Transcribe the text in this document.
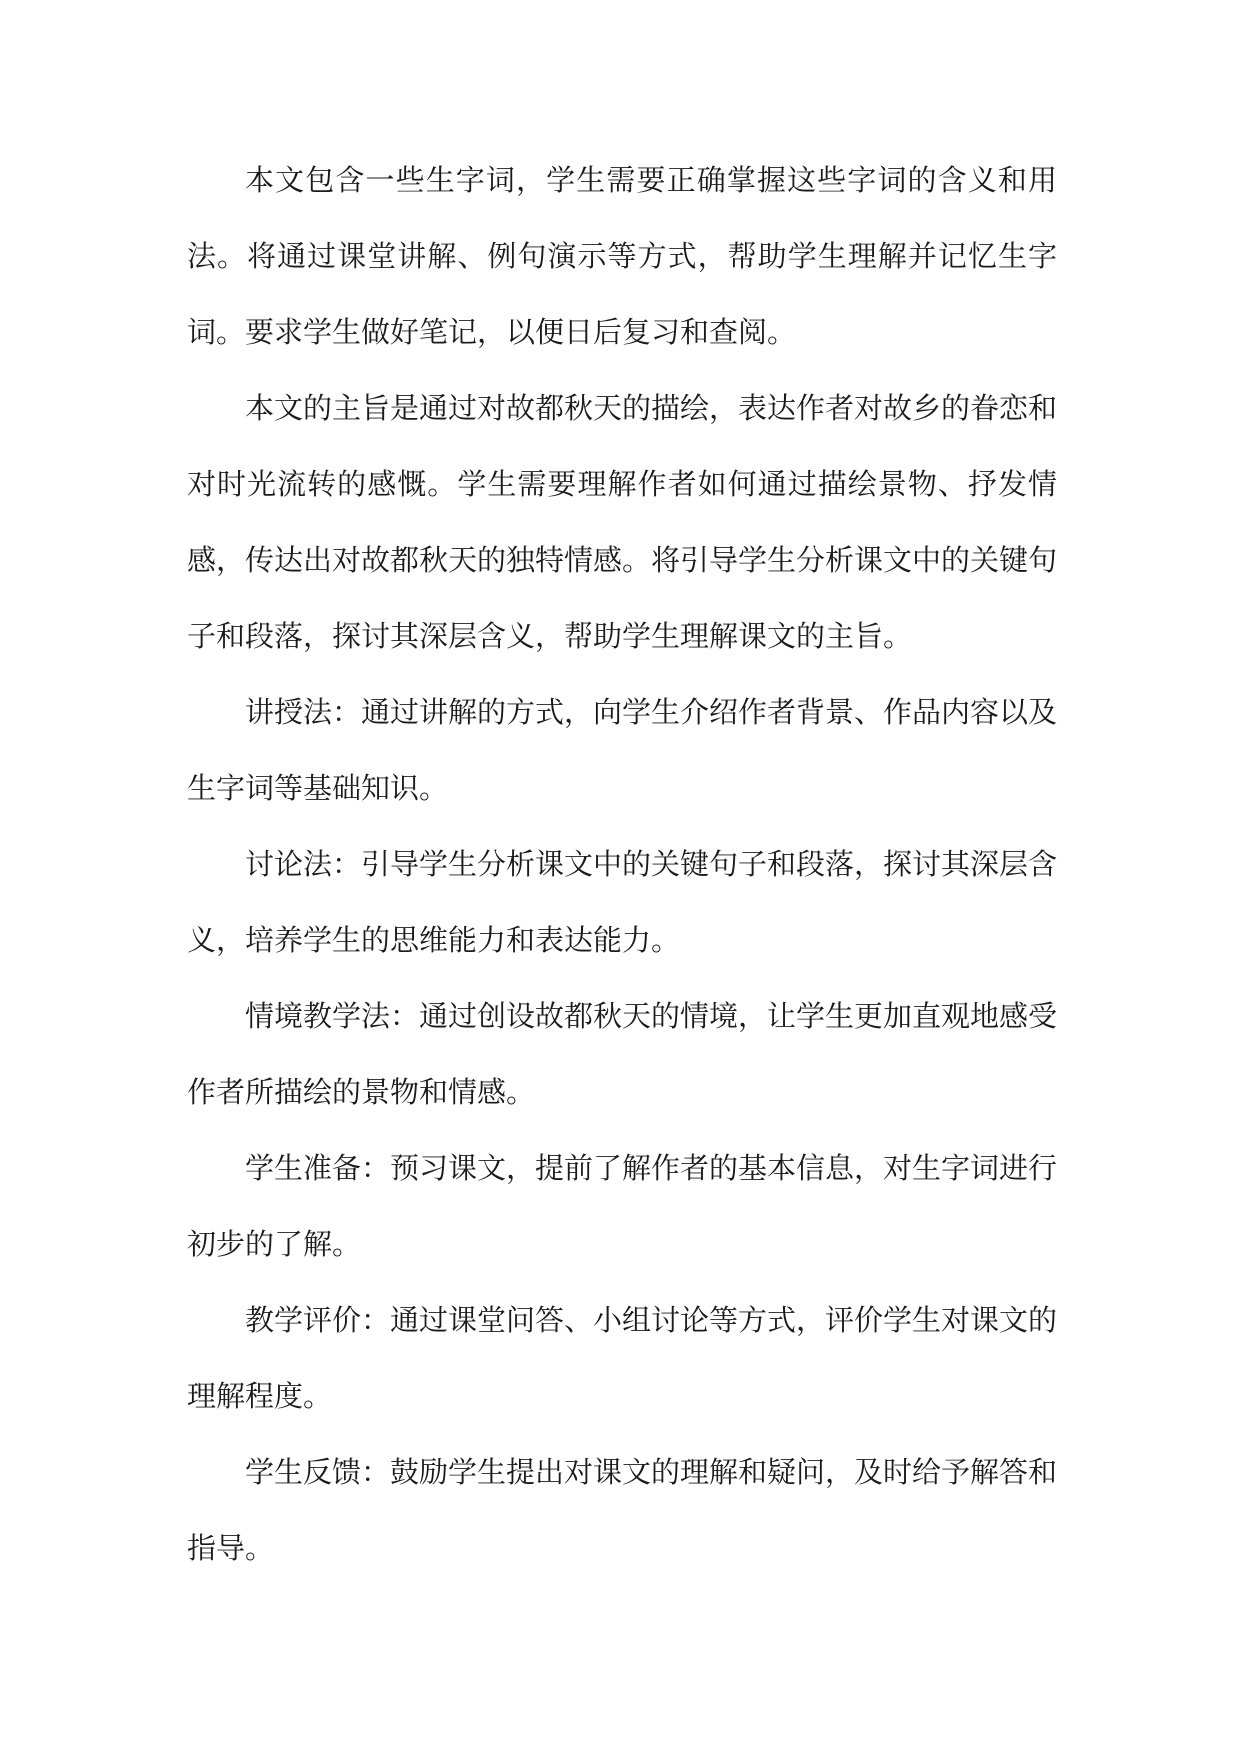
本文包含一些生字词，学生需要正确掌握这些字词的含义和用法。将通过课堂讲解、例句演示等方式，帮助学生理解并记忆生字词。要求学生做好笔记，以便日后复习和查阅。

本文的主旨是通过对故都秋天的描绘，表达作者对故乡的眷恋和对时光流转的感慨。学生需要理解作者如何通过描绘景物、抒发情感，传达出对故都秋天的独特情感。将引导学生分析课文中的关键句子和段落，探讨其深层含义，帮助学生理解课文的主旨。

讲授法：通过讲解的方式，向学生介绍作者背景、作品内容以及生字词等基础知识。

讨论法：引导学生分析课文中的关键句子和段落，探讨其深层含义，培养学生的思维能力和表达能力。

情境教学法：通过创设故都秋天的情境，让学生更加直观地感受作者所描绘的景物和情感。

学生准备：预习课文，提前了解作者的基本信息，对生字词进行初步的了解。

教学评价：通过课堂问答、小组讨论等方式，评价学生对课文的理解程度。

学生反馈：鼓励学生提出对课文的理解和疑问，及时给予解答和指导。
